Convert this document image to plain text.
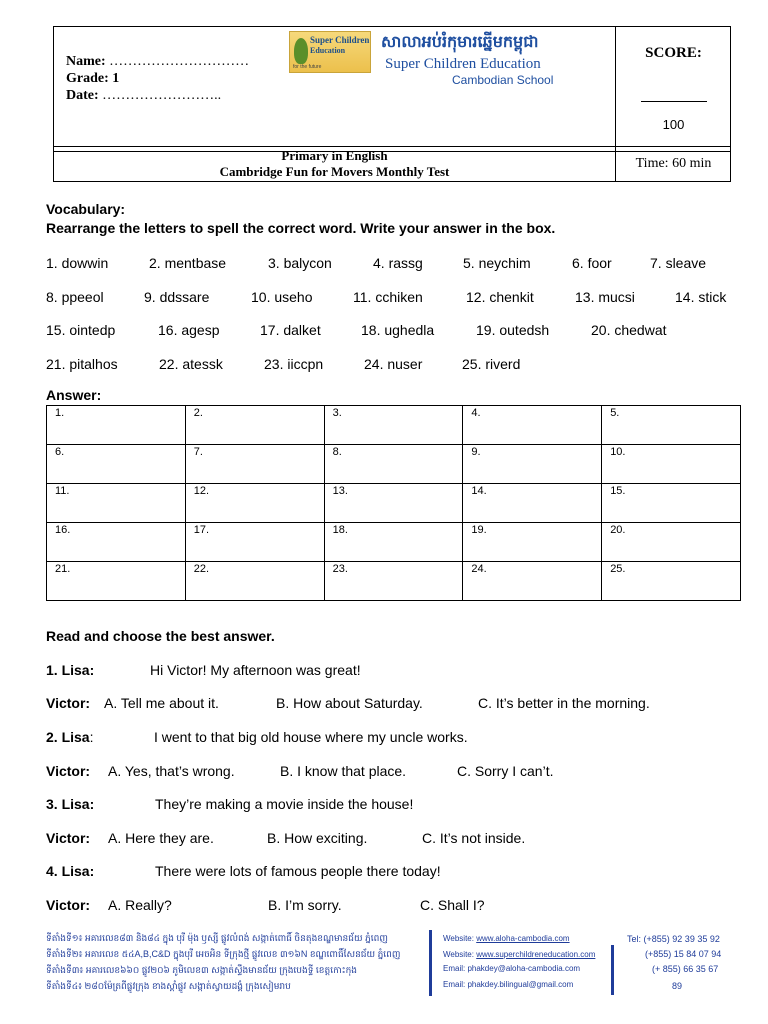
Name: …………………………
Grade: 1
Date: ……………………..
Super Children
Education
for the future
សាលាអប់រំកុមារឆ្នើមកម្ពុជា
Super Children Education
Cambodian School
SCORE:
100
Primary in English
Cambridge Fun for Movers Monthly Test
Time: 60 min
Vocabulary:
Rearrange the letters to spell the correct word. Write your answer in the box.
1. dowwin	2. mentbase	3. balycon	4. rassg	5. neychim	6. foor	7. sleave
8. ppeeol	9. ddssare	10. useho	11. cchiken	12. chenkit	13. mucsi	14. stick
15. ointedp	16. agesp	17. dalket	18. ughedla	19. outedsh	20. chedwat
21. pitalhos	22. atessk	23. iiccpn	24. nuser	25. riverd
Answer:
1.	2.	3.	4.	5.
6.	7.	8.	9.	10.
11.	12.	13.	14.	15.
16.	17.	18.	19.	20.
21.	22.	23.	24.	25.
Read and choose the best answer.
1. Lisa:	Hi Victor! My afternoon was great!
Victor: A. Tell me about it.	B. How about Saturday.	C. It’s better in the morning.
2. Lisa:	I went to that big old house where my uncle works.
Victor: A. Yes, that’s wrong.	B. I know that place.	C. Sorry I can’t.
3. Lisa:	They’re making a movie inside the house!
Victor: A. Here they are.	B. How exciting.	C. It’s not inside.
4. Lisa:	There were lots of famous people there today!
Victor: A. Really?	B. I’m sorry.	C. Shall I?
ទីតាំងទី១៖ អគារលេខ៨៣ និង៨៤ ក្នុង បុរី ម៉ុង ឫស្សី ផ្លូវលំពង់ សង្កាត់ពោធិ៍ ចិនតុងខណ្ឌមានជ័យ ភ្នំពេញ
ទីតាំងទី២៖ អគារលេខ ៥៤A,B,C&D ក្នុងបុរី អេចអិន ទីក្រុងថ្មី ផ្លូវលេខ ៣១៦N ខណ្ឌពោធិ៍សែនជ័យ ភ្នំពេញ
ទីតាំងទី៣៖ អគារលេខ៦៦០ ផ្លូវ២០៦ ភូមិលេខ៣ សង្កាត់ស្ទឹងមានជ័យ ក្រុងបេងទ្ទី ខេត្តកោះកុង
ទីតាំងទី៤៖ ២៨០ម៉ែត្រពីផ្លូវក្រុង ខាងស្ដាំផ្លូវ សង្កាត់ស្វាយដង្គំ ក្រុងសៀមរាប
Website: www.aloha-cambodia.com
Website: www.superchildreneducation.com
Email: phakdey@aloha-cambodia.com
Email: phakdey.bilingual@gmail.com
Tel: (+855) 92 39 35 92
(+855) 15 84 07 94
(+ 855) 66 35 67
89
